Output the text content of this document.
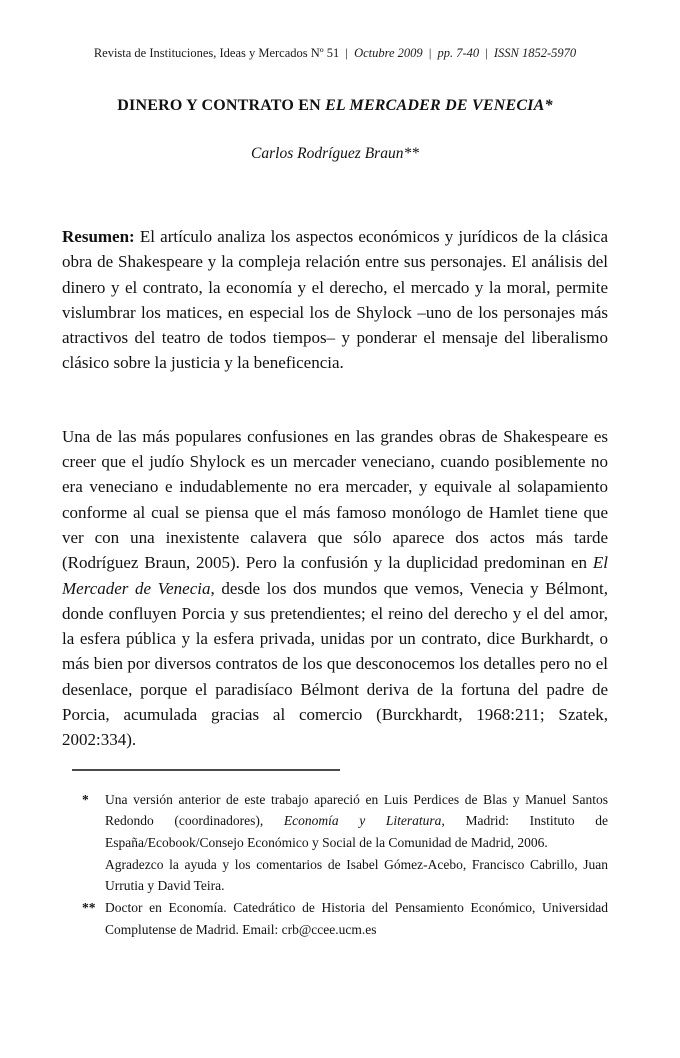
Revista de Instituciones, Ideas y Mercados Nº 51 | Octubre 2009 | pp. 7-40 | ISSN 1852-5970
DINERO Y CONTRATO EN EL MERCADER DE VENECIA*
Carlos Rodríguez Braun**

Resumen: El artículo analiza los aspectos económicos y jurídicos de la clásica obra de Shakespeare y la compleja relación entre sus personajes. El análisis del dinero y el contrato, la economía y el derecho, el mercado y la moral, permite vislumbrar los matices, en especial los de Shylock –uno de los personajes más atractivos del teatro de todos tiempos– y ponderar el mensaje del liberalismo clásico sobre la justicia y la beneficencia.

Una de las más populares confusiones en las grandes obras de Shakespeare es creer que el judío Shylock es un mercader veneciano, cuando posiblemente no era veneciano e indudablemente no era mercader, y equivale al solapamiento conforme al cual se piensa que el más famoso monólogo de Hamlet tiene que ver con una inexistente calavera que sólo aparece dos actos más tarde (Rodríguez Braun, 2005). Pero la confusión y la duplicidad predominan en El Mercader de Venecia, desde los dos mundos que vemos, Venecia y Bélmont, donde confluyen Porcia y sus pretendientes; el reino del derecho y el del amor, la esfera pública y la esfera privada, unidas por un contrato, dice Burkhardt, o más bien por diversos contratos de los que desconocemos los detalles pero no el desenlace, porque el paradisíaco Bélmont deriva de la fortuna del padre de Porcia, acumulada gracias al comercio (Burckhardt, 1968:211; Szatek, 2002:334).

*	Una versión anterior de este trabajo apareció en Luis Perdices de Blas y Manuel Santos Redondo (coordinadores), Economía y Literatura, Madrid: Instituto de España/Ecobook/Consejo Económico y Social de la Comunidad de Madrid, 2006.

Agradezco la ayuda y los comentarios de Isabel Gómez-Acebo, Francisco Cabrillo, Juan Urrutia y David Teira.

** Doctor en Economía. Catedrático de Historia del Pensamiento Económico, Universidad Complutense de Madrid. Email: crb@ccee.ucm.es
